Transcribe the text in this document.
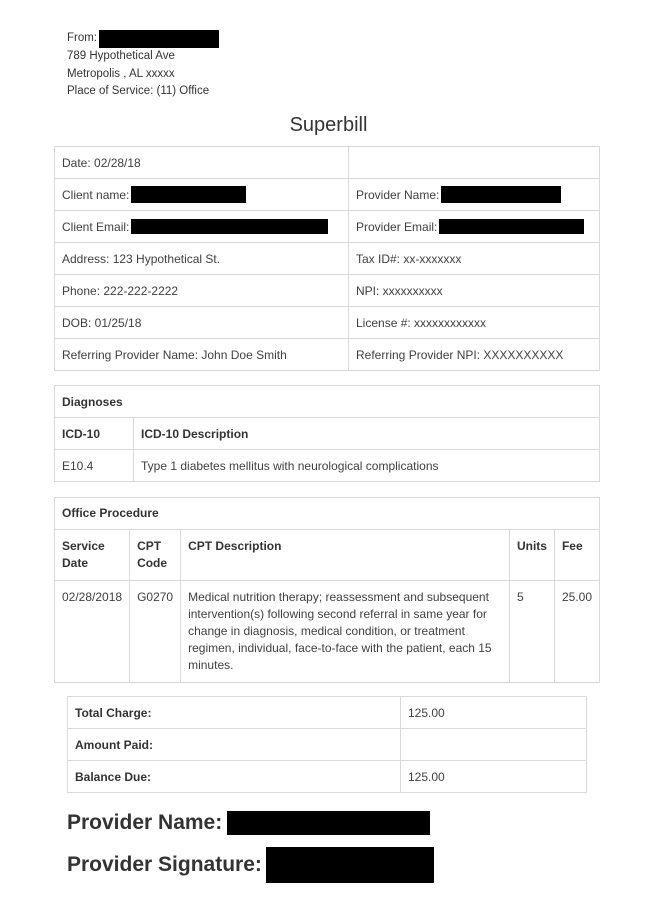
From:
789 Hypothetical Ave
Metropolis , AL xxxxx
Place of Service: (11) Office
Superbill
Date: 02/28/18	

Client name:	Provider Name:

Client Email:	Provider Email:

Address: 123 Hypothetical St.	Tax ID#: xx-xxxxxxx
Phone: 222-222-2222	NPI: xxxxxxxxxx
DOB: 01/25/18	License #: xxxxxxxxxxxx
Referring Provider Name: John Doe Smith	Referring Provider NPI: XXXXXXXXXX
Diagnoses	
ICD-10	ICD-10 Description
E10.4	Type 1 diabetes mellitus with neurological complications
Office Procedure				
Service Date	CPT Code	CPT Description	Units	Fee
02/28/2018	G0270	Medical nutrition therapy; reassessment and subsequent intervention(s) following second referral in same year for change in diagnosis, medical condition, or treatment regimen, individual, face-to-face with the patient, each 15 minutes.	5	25.00
Total Charge:	125.00
Amount Paid:	
Balance Due:	125.00
Provider Name:
Provider Signature:
